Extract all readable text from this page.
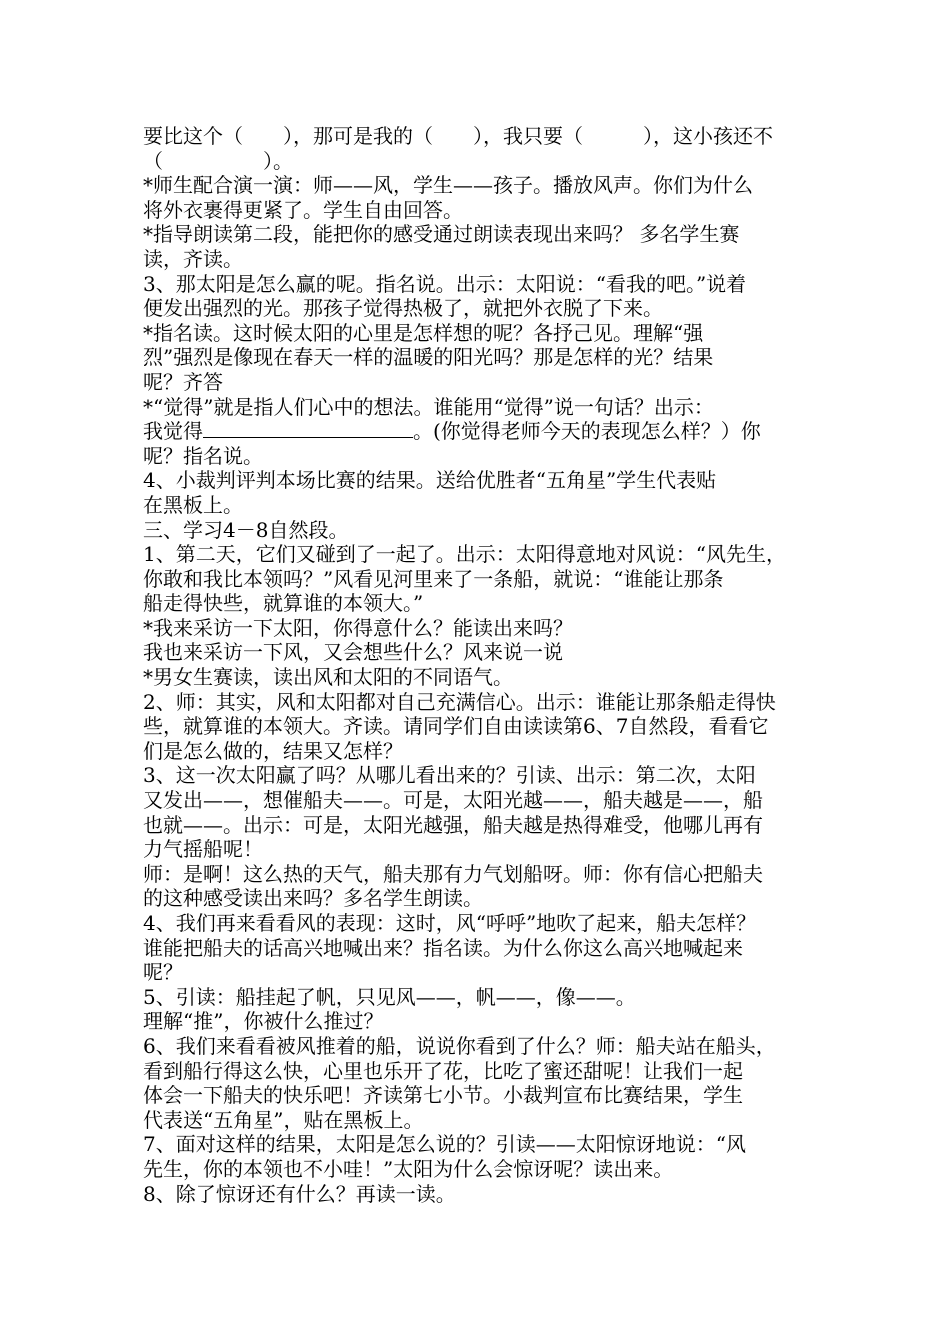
要比这个（　　），那可是我的（　　），我只要（　　　），这小孩还不
（　　　　　）。
*师生配合演一演：师——风，学生——孩子。播放风声。你们为什么
将外衣裹得更紧了。学生自由回答。
*指导朗读第二段，能把你的感受通过朗读表现出来吗？ 多名学生赛
读，齐读。
3、那太阳是怎么赢的呢。指名说。出示：太阳说：“看我的吧。”说着
便发出强烈的光。那孩子觉得热极了，就把外衣脱了下来。
*指名读。这时候太阳的心里是怎样想的呢？各抒己见。理解“强
烈”强烈是像现在春天一样的温暖的阳光吗？那是怎样的光？结果
呢？齐答
*“觉得”就是指人们心中的想法。谁能用“觉得”说一句话？出示：
我觉得	。(你觉得老师今天的表现怎么样？）你
呢？指名说。
4、小裁判评判本场比赛的结果。送给优胜者“五角星”学生代表贴
在黑板上。
三、学习4－8自然段。
1、第二天，它们又碰到了一起了。出示：太阳得意地对风说：“风先生，
你敢和我比本领吗？”风看见河里来了一条船，就说：“谁能让那条
船走得快些，就算谁的本领大。”
*我来采访一下太阳，你得意什么？能读出来吗？
我也来采访一下风，又会想些什么？风来说一说
*男女生赛读，读出风和太阳的不同语气。
2、师：其实，风和太阳都对自己充满信心。出示：谁能让那条船走得快
些，就算谁的本领大。齐读。请同学们自由读读第6、7自然段，看看它
们是怎么做的，结果又怎样？
3、这一次太阳赢了吗？从哪儿看出来的？引读、出示：第二次，太阳
又发出——，想催船夫——。可是，太阳光越——，船夫越是——，船
也就——。出示：可是，太阳光越强，船夫越是热得难受，他哪儿再有
力气摇船呢！
师：是啊！这么热的天气，船夫那有力气划船呀。师：你有信心把船夫
的这种感受读出来吗？多名学生朗读。
4、我们再来看看风的表现：这时，风“呼呼”地吹了起来，船夫怎样？
谁能把船夫的话高兴地喊出来？指名读。为什么你这么高兴地喊起来
呢？
5、引读：船挂起了帆，只见风——，帆——，像——。
理解“推”，你被什么推过？
6、我们来看看被风推着的船，说说你看到了什么？师：船夫站在船头，
看到船行得这么快，心里也乐开了花，比吃了蜜还甜呢！让我们一起
体会一下船夫的快乐吧！齐读第七小节。小裁判宣布比赛结果，学生
代表送“五角星”，贴在黑板上。
7、面对这样的结果，太阳是怎么说的？引读——太阳惊讶地说：“风
先生，你的本领也不小哇！”太阳为什么会惊讶呢？读出来。
8、除了惊讶还有什么？再读一读。
